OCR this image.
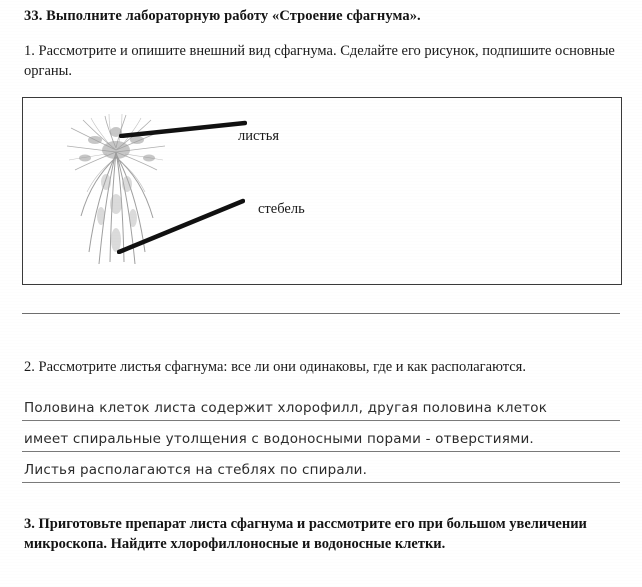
33. Выполните лабораторную работу «Строение сфагнума».
1. Рассмотрите и опишите внешний вид сфагнума. Сделайте его рисунок, подпишите основные органы.
листья
стебель
2. Рассмотрите листья сфагнума: все ли они одинаковы, где и как располагаются.
Половина клеток листа содержит хлорофилл, другая половина клеток
имеет спиральные утолщения с водоносными порами - отверстиями.
Листья располагаются на стеблях по спирали.
3. Приготовьте препарат листа сфагнума и рассмотрите его при большом увеличении микроскопа. Найдите хлорофиллоносные и водоносные клетки.
